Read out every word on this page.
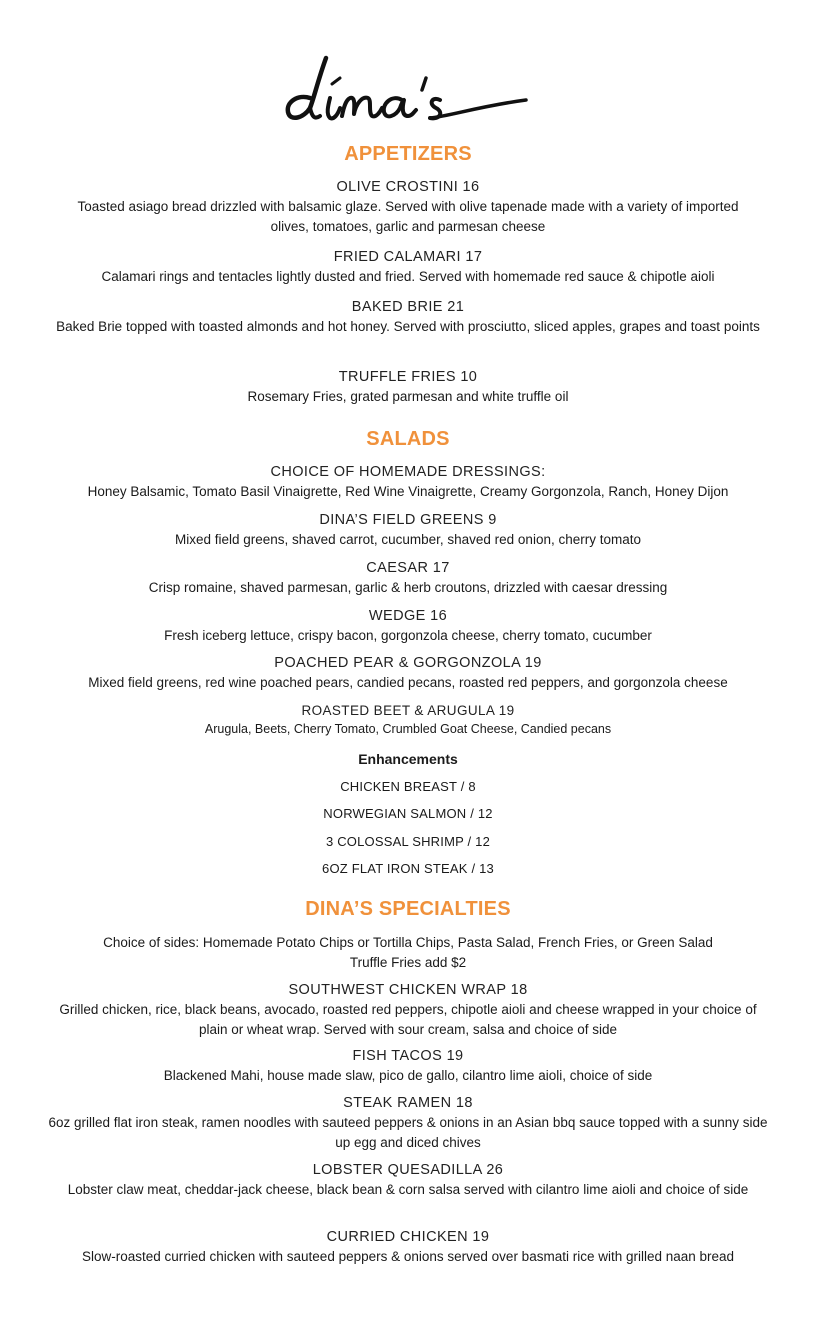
APPETIZERS
OLIVE CROSTINI 16
Toasted asiago bread drizzled with balsamic glaze. Served with olive tapenade made with a variety of imported olives, tomatoes, garlic and parmesan cheese
FRIED CALAMARI 17
Calamari rings and tentacles lightly dusted and fried. Served with homemade red sauce & chipotle aioli
BAKED BRIE 21
Baked Brie topped with toasted almonds and hot honey. Served with prosciutto, sliced apples, grapes and toast points
TRUFFLE FRIES 10
Rosemary Fries, grated parmesan and white truffle oil
SALADS
CHOICE OF HOMEMADE DRESSINGS:
Honey Balsamic, Tomato Basil Vinaigrette, Red Wine Vinaigrette, Creamy Gorgonzola, Ranch, Honey Dijon
DINA’S FIELD GREENS 9
Mixed field greens, shaved carrot, cucumber, shaved red onion, cherry tomato
CAESAR 17
Crisp romaine, shaved parmesan, garlic & herb croutons, drizzled with caesar dressing
WEDGE 16
Fresh iceberg lettuce, crispy bacon, gorgonzola cheese, cherry tomato, cucumber
POACHED PEAR & GORGONZOLA 19
Mixed field greens, red wine poached pears, candied pecans, roasted red peppers, and gorgonzola cheese
ROASTED BEET & ARUGULA 19
Arugula, Beets, Cherry Tomato, Crumbled Goat Cheese, Candied pecans
Enhancements
CHICKEN BREAST / 8
NORWEGIAN SALMON / 12
3 COLOSSAL SHRIMP / 12
6OZ FLAT IRON STEAK / 13
DINA’S SPECIALTIES
Choice of sides: Homemade Potato Chips or Tortilla Chips, Pasta Salad, French Fries, or Green Salad
Truffle Fries add $2
SOUTHWEST CHICKEN WRAP 18
Grilled chicken, rice, black beans, avocado, roasted red peppers, chipotle aioli and cheese wrapped in your choice of plain or wheat wrap. Served with sour cream, salsa and choice of side
FISH TACOS 19
Blackened Mahi, house made slaw, pico de gallo, cilantro lime aioli, choice of side
STEAK RAMEN 18
6oz grilled flat iron steak, ramen noodles with sauteed peppers & onions in an Asian bbq sauce topped with a sunny side up egg and diced chives
LOBSTER QUESADILLA 26
Lobster claw meat, cheddar-jack cheese, black bean & corn salsa served with cilantro lime aioli and choice of side
CURRIED CHICKEN 19
Slow-roasted curried chicken with sauteed peppers & onions served over basmati rice with grilled naan bread
